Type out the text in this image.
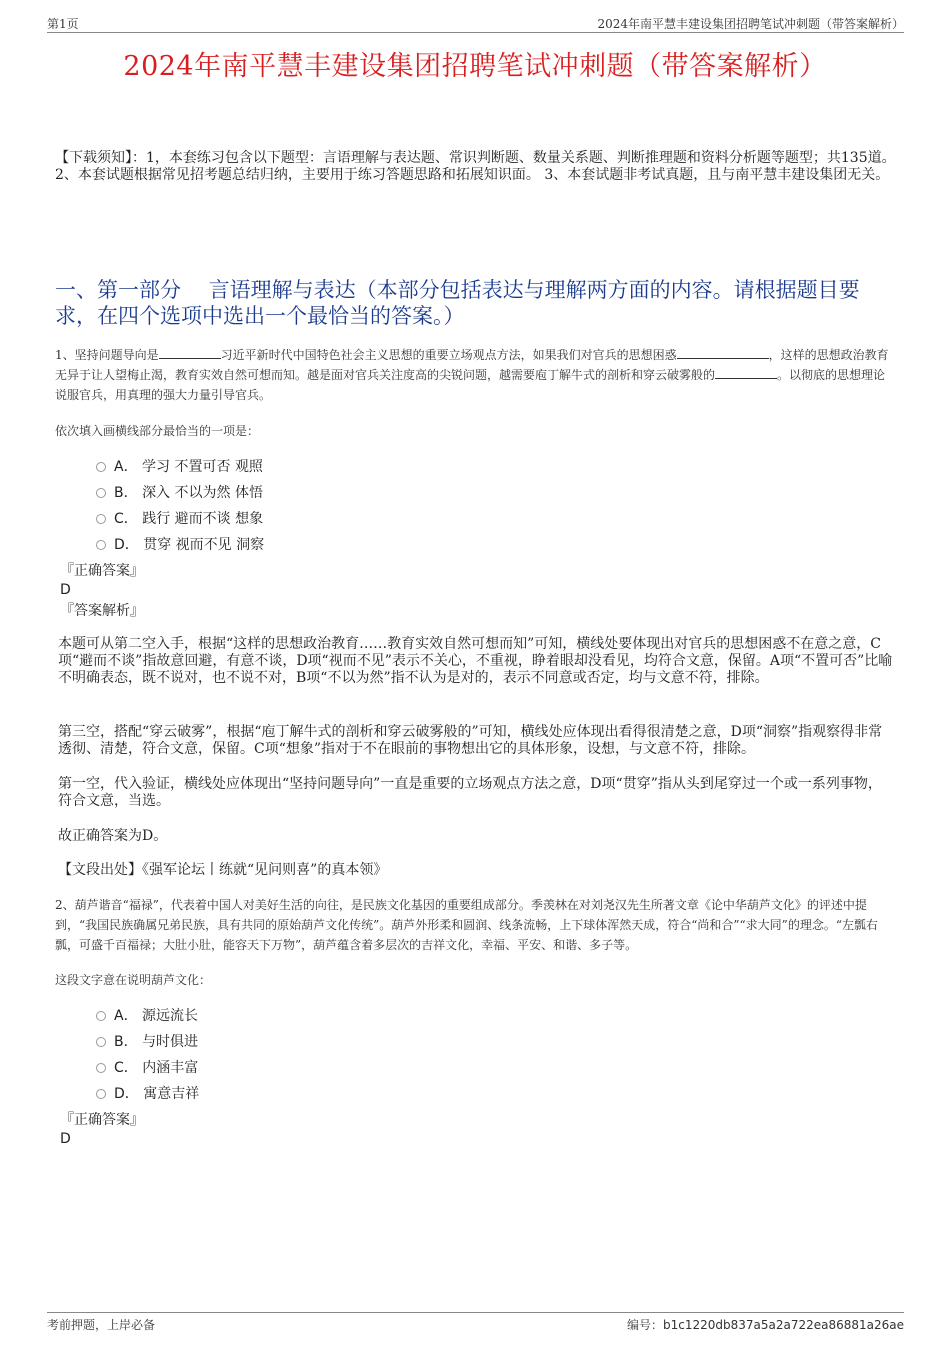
第1页	2024年南平慧丰建设集团招聘笔试冲刺题（带答案解析）
2024年南平慧丰建设集团招聘笔试冲刺题（带答案解析）
【下载须知】：1，本套练习包含以下题型：言语理解与表达题、常识判断题、数量关系题、判断推理题和资料分析题等题型；共135道。 2、本套试题根据常见招考题总结归纳，主要用于练习答题思路和拓展知识面。 3、本套试题非考试真题，且与南平慧丰建设集团无关。
一、第一部分　 言语理解与表达（本部分包括表达与理解两方面的内容。请根据题目要求，在四个选项中选出一个最恰当的答案。）
1、坚持问题导向是	习近平新时代中国特色社会主义思想的重要立场观点方法，如果我们对官兵的思想困惑	，这样的思想政治教育无异于让人望梅止渴，教育实效自然可想而知。越是面对官兵关注度高的尖锐问题，越需要庖丁解牛式的剖析和穿云破雾般的	。以彻底的思想理论说服官兵，用真理的强大力量引导官兵。
依次填入画横线部分最恰当的一项是：
A． 学习 不置可否 观照
B． 深入 不以为然 体悟
C． 践行 避而不谈 想象
D． 贯穿 视而不见 洞察
『正确答案』
D
『答案解析』
本题可从第二空入手，根据“这样的思想政治教育……教育实效自然可想而知”可知，横线处要体现出对官兵的思想困惑不在意之意，C项“避而不谈”指故意回避，有意不谈，D项“视而不见”表示不关心，不重视，睁着眼却没看见，均符合文意，保留。A项“不置可否”比喻不明确表态，既不说对，也不说不对，B项“不以为然”指不认为是对的，表示不同意或否定，均与文意不符，排除。
第三空，搭配“穿云破雾”，根据“庖丁解牛式的剖析和穿云破雾般的”可知，横线处应体现出看得很清楚之意，D项“洞察”指观察得非常透彻、清楚，符合文意，保留。C项“想象”指对于不在眼前的事物想出它的具体形象，设想，与文意不符，排除。
第一空，代入验证，横线处应体现出“坚持问题导向”一直是重要的立场观点方法之意，D项“贯穿”指从头到尾穿过一个或一系列事物，符合文意，当选。
故正确答案为D。
【文段出处】《强军论坛丨练就“见问则喜”的真本领》
2、葫芦谐音“福禄”，代表着中国人对美好生活的向往，是民族文化基因的重要组成部分。季羡林在对刘尧汉先生所著文章《论中华葫芦文化》的评述中提到，“我国民族确属兄弟民族，具有共同的原始葫芦文化传统”。葫芦外形柔和圆润、线条流畅，上下球体浑然天成，符合“尚和合”“求大同”的理念。“左瓢右瓢，可盛千百福禄；大肚小肚，能容天下万物”，葫芦蕴含着多层次的吉祥文化，幸福、平安、和谐、多子等。
这段文字意在说明葫芦文化：
A． 源远流长
B． 与时俱进
C． 内涵丰富
D． 寓意吉祥
『正确答案』
D
考前押题，上岸必备	编号：b1c1220db837a5a2a722ea86881a26ae
